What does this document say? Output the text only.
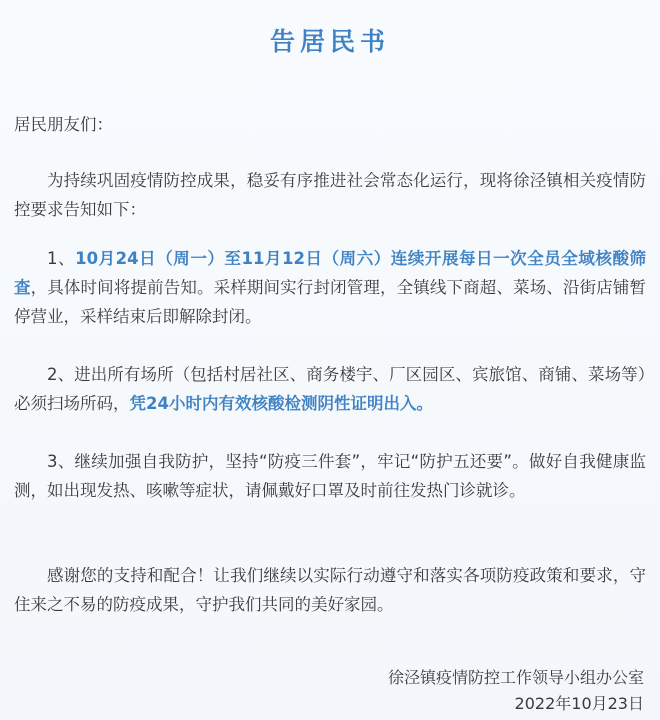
告居民书

居民朋友们：

为持续巩固疫情防控成果，稳妥有序推进社会常态化运行，现将徐泾镇相关疫情防控要求告知如下：

1、10月24日（周一）至11月12日（周六）连续开展每日一次全员全域核酸筛查，具体时间将提前告知。采样期间实行封闭管理，全镇线下商超、菜场、沿街店铺暂停营业，采样结束后即解除封闭。

2、进出所有场所（包括村居社区、商务楼宇、厂区园区、宾旅馆、商铺、菜场等）必须扫场所码，凭24小时内有效核酸检测阴性证明出入。

3、继续加强自我防护，坚持“防疫三件套”，牢记“防护五还要”。做好自我健康监测，如出现发热、咳嗽等症状，请佩戴好口罩及时前往发热门诊就诊。

感谢您的支持和配合！让我们继续以实际行动遵守和落实各项防疫政策和要求，守住来之不易的防疫成果，守护我们共同的美好家园。

徐泾镇疫情防控工作领导小组办公室
2022年10月23日
